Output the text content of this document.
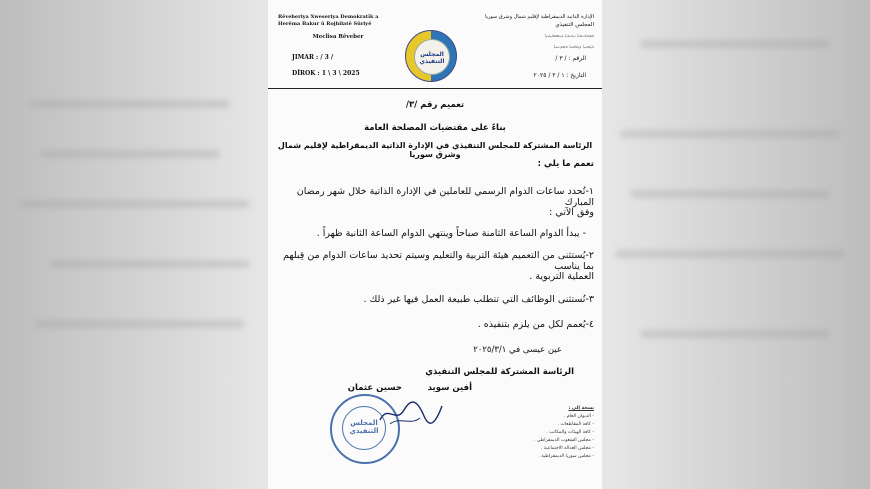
Rêveberiya Xweseriya Demokratîk a Herêma Bakur û Rojhilatê Sûriyê
Meclisa Rêveber
JIMAR : / 3 /
DÎROK : 1 \ 3 \ 2025
المجلس التنفيذي
الإدارة الذاتية الديمقراطية لإقليم شمال وشرق سوريا
المجلس التنفيذي
ܡܕܒܪܢܘܬܐ ܝܬܝܪܬܐ ܕܝܡܩܪܛܝܬܐ
ܠܓܒܝܬܐ ܕܓܪܒܝܐ ܘܡܕܢܚܐ
الرقم : / ٣ /
التاريخ : ١ / ٣ / ٢٠٢٥
تعميم رقم /٣/
بناءً على مقتضيات المصلحة العامة
الرئاسة المشتركة للمجلس التنفيذي في الإدارة الذاتية الديمقراطية لإقليم شمال وشرق سوريا
تعمم ما يلي :
١-تُحدد ساعات الدوام الرسمي للعاملين في الإدارة الذاتية خلال شهر رمضان المبارك
وفق الآتي :
- يبدأ الدوام الساعة الثامنة صباحاً وينتهي الدوام الساعة الثانية ظهراً .
٢-يُستثنى من التعميم هيئة التربية والتعليم وسيتم تحديد ساعات الدوام من قِبلهم بما يناسب
العملية التربوية .
٣-تُستثنى الوظائف التي تتطلب طبيعة العمل فيها غير ذلك .
٤-يُعمم لكل من يلزم بتنفيذه .
عين عيسى في ٢٠٢٥/٣/١
الرئاسة المشتركة للمجلس التنفيذي
أفين سويد
حسين عثمان
المجلس التنفيذي
نسخة إلى :
- الديوان العام .
- كافة المقاطعات .
- كافة الهيئات والمكاتب .
- مجلس الشعوب الديمقراطي .
- مجلس العدالة الاجتماعية .
- مجلس سوريا الديمقراطية .
